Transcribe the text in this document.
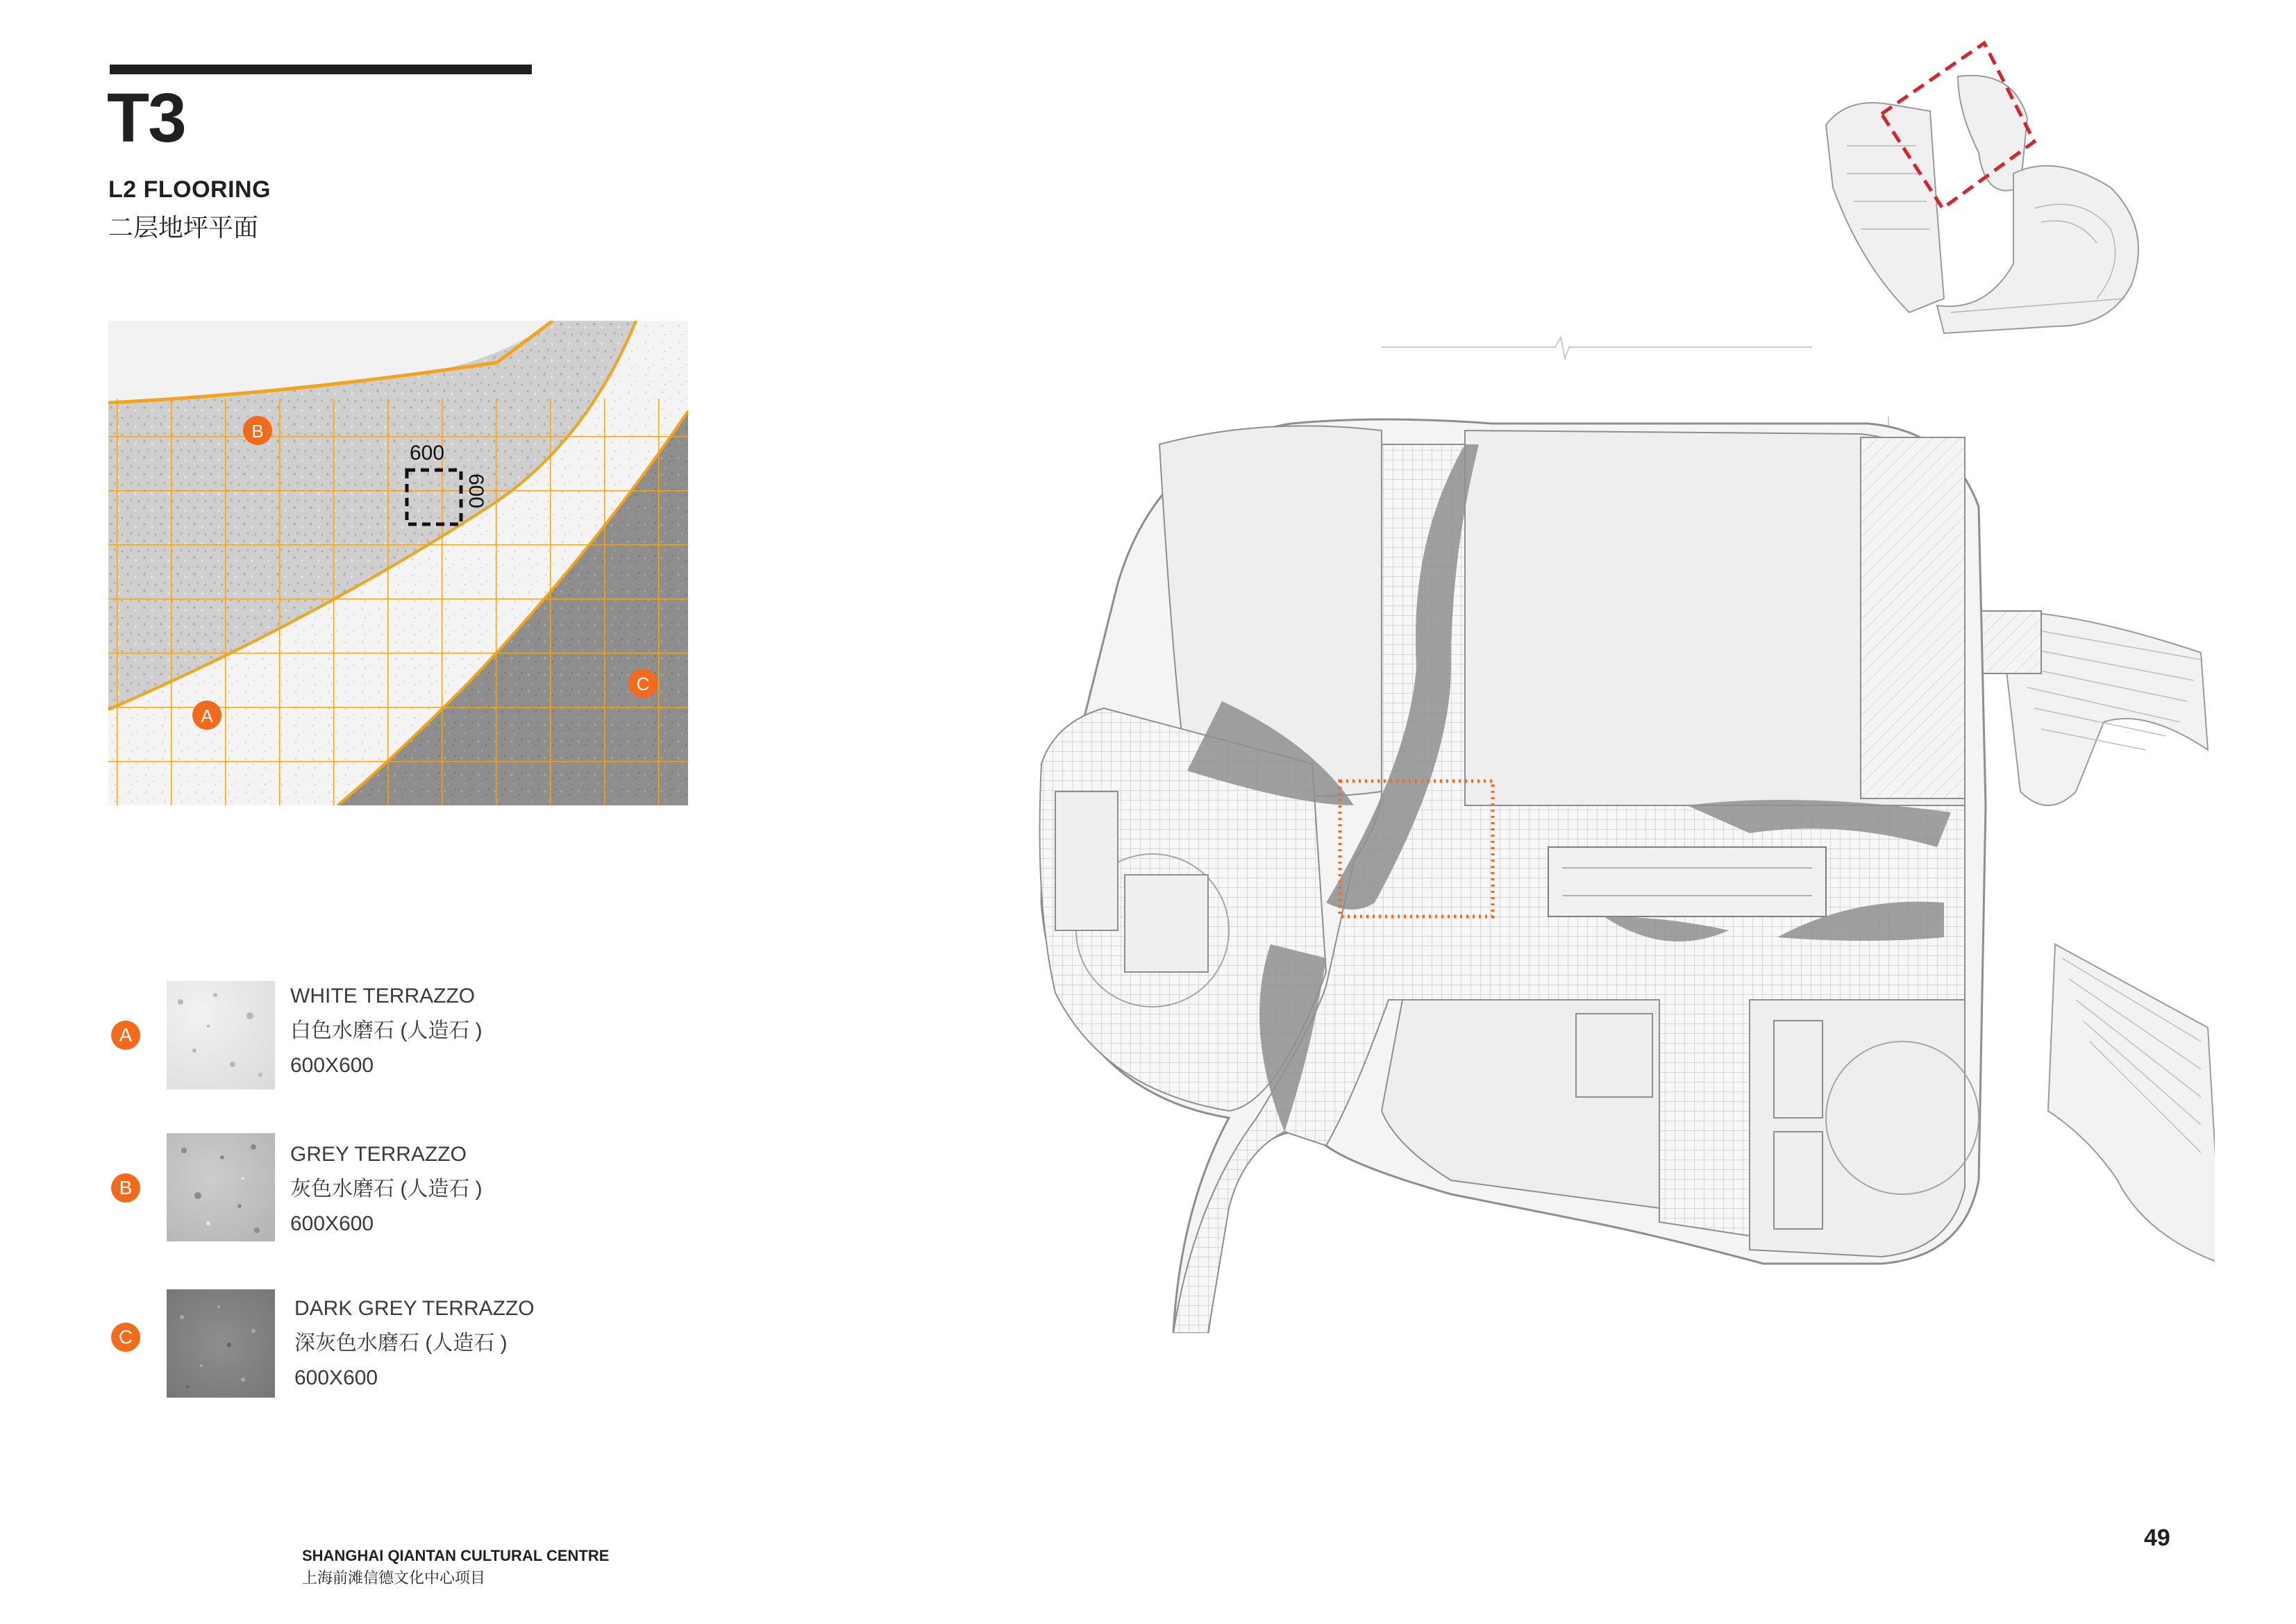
T3
L2 FLOORING
二层地坪平面
600
600
B
A
C
A
WHITE TERRAZZO
白色水磨石 (人造石 )
600X600
B
GREY TERRAZZO
灰色水磨石 (人造石 )
600X600
C
DARK GREY TERRAZZO
深灰色水磨石 (人造石 )
600X600
SHANGHAI QIANTAN CULTURAL CENTRE
上海前滩信德文化中心项目
49
